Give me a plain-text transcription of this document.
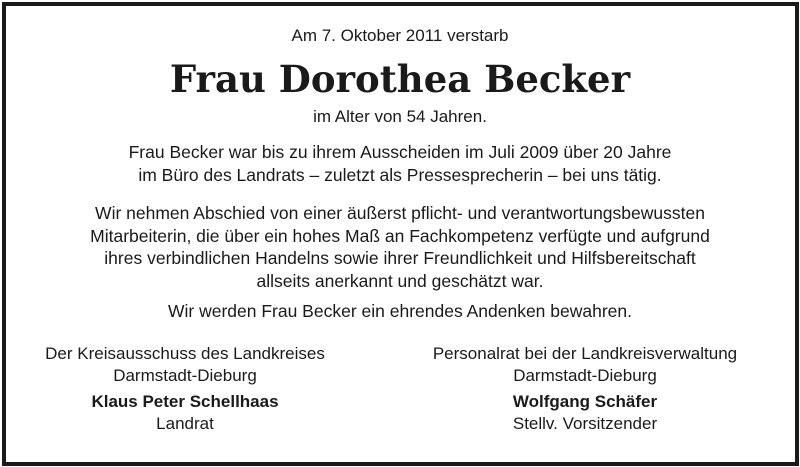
Am 7. Oktober 2011 verstarb
Frau Dorothea Becker
im Alter von 54 Jahren.
Frau Becker war bis zu ihrem Ausscheiden im Juli 2009 über 20 Jahre
im Büro des Landrats – zuletzt als Pressesprecherin – bei uns tätig.
Wir nehmen Abschied von einer äußerst pflicht- und verantwortungsbewussten
Mitarbeiterin, die über ein hohes Maß an Fachkompetenz verfügte und aufgrund
ihres verbindlichen Handelns sowie ihrer Freundlichkeit und Hilfsbereitschaft
allseits anerkannt und geschätzt war.
Wir werden Frau Becker ein ehrendes Andenken bewahren.
Der Kreisausschuss des Landkreises
Darmstadt-Dieburg
Klaus Peter Schellhaas
Landrat
Personalrat bei der Landkreisverwaltung
Darmstadt-Dieburg
Wolfgang Schäfer
Stellv. Vorsitzender
